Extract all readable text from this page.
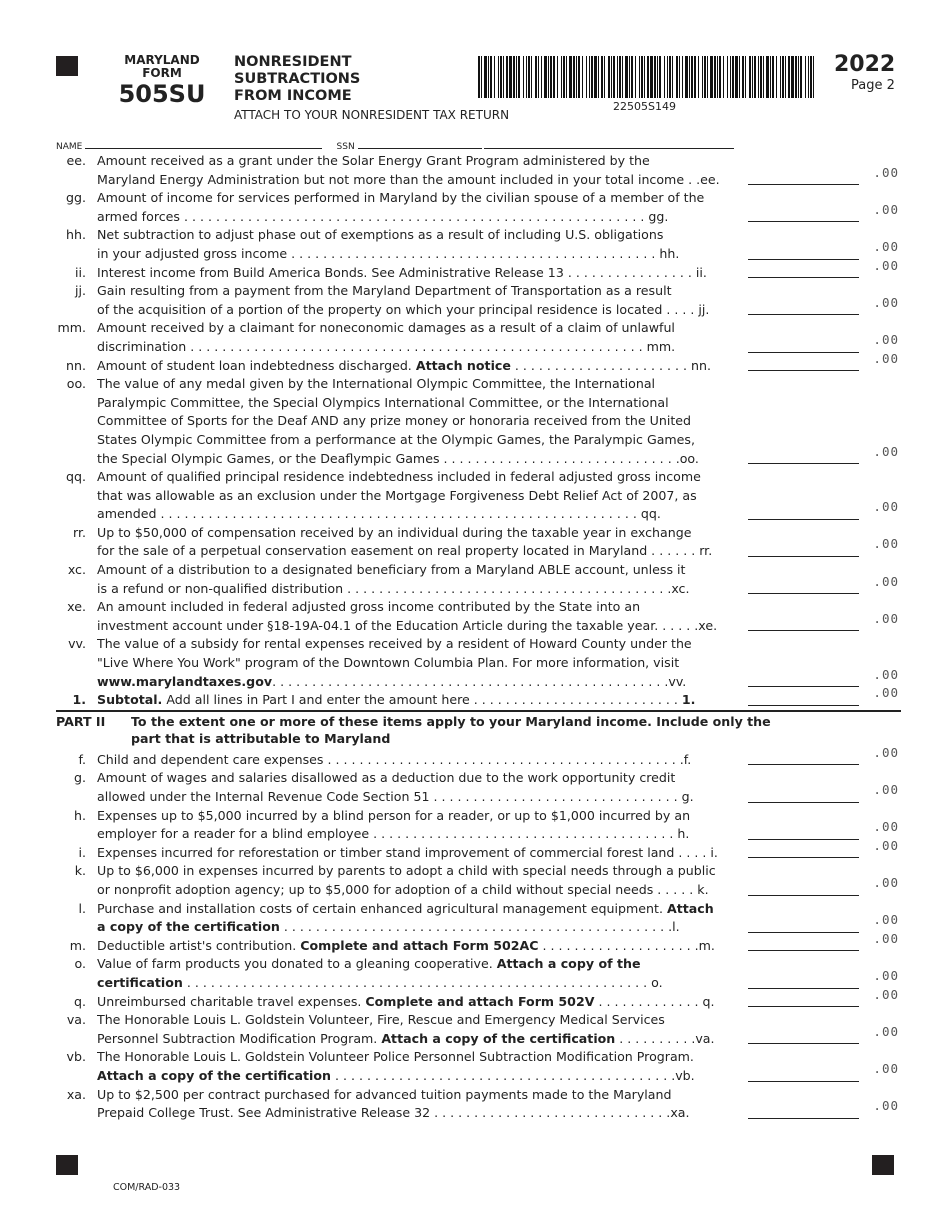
MARYLAND
FORM
505SU
NONRESIDENT
SUBTRACTIONS
FROM INCOME
ATTACH TO YOUR NONRESIDENT TAX RETURN
22505S149
2022
Page 2
NAME	SSN
ee. Amount received as a grant under the Solar Energy Grant Program administered by the
Maryland Energy Administration but not more than the amount included in your total income . .ee.	.00
gg. Amount of income for services performed in Maryland by the civilian spouse of a member of the
armed forces . . . . . . . . . . . . . . . . . . . . . . . . . . . . . . . . . . . . . . . . . . . . . . . . . . . . . . . . . . gg.	.00
hh. Net subtraction to adjust phase out of exemptions as a result of including U.S. obligations
in your adjusted gross income . . . . . . . . . . . . . . . . . . . . . . . . . . . . . . . . . . . . . . . . . . . . . . hh.	.00
ii. Interest income from Build America Bonds. See Administrative Release 13 . . . . . . . . . . . . . . . . ii.	.00
jj. Gain resulting from a payment from the Maryland Department of Transportation as a result
of the acquisition of a portion of the property on which your principal residence is located . . . . jj.	.00
mm. Amount received by a claimant for noneconomic damages as a result of a claim of unlawful
discrimination . . . . . . . . . . . . . . . . . . . . . . . . . . . . . . . . . . . . . . . . . . . . . . . . . . . . . . . . . mm.	.00
nn. Amount of student loan indebtedness discharged. Attach notice . . . . . . . . . . . . . . . . . . . . . . nn.	.00
oo. The value of any medal given by the International Olympic Committee, the International
Paralympic Committee, the Special Olympics International Committee, or the International
Committee of Sports for the Deaf AND any prize money or honoraria received from the United
States Olympic Committee from a performance at the Olympic Games, the Paralympic Games,
the Special Olympic Games, or the Deaflympic Games . . . . . . . . . . . . . . . . . . . . . . . . . . . . . .oo.	.00
qq. Amount of qualified principal residence indebtedness included in federal adjusted gross income
that was allowable as an exclusion under the Mortgage Forgiveness Debt Relief Act of 2007, as
amended . . . . . . . . . . . . . . . . . . . . . . . . . . . . . . . . . . . . . . . . . . . . . . . . . . . . . . . . . . . . qq.	.00
rr. Up to $50,000 of compensation received by an individual during the taxable year in exchange
for the sale of a perpetual conservation easement on real property located in Maryland . . . . . . rr.	.00
xc. Amount of a distribution to a designated beneficiary from a Maryland ABLE account, unless it
is a refund or non-qualified distribution . . . . . . . . . . . . . . . . . . . . . . . . . . . . . . . . . . . . . . . . .xc.	.00
xe. An amount included in federal adjusted gross income contributed by the State into an
investment account under §18-19A-04.1 of the Education Article during the taxable year. . . . . .xe.	.00
vv. The value of a subsidy for rental expenses received by a resident of Howard County under the
"Live Where You Work" program of the Downtown Columbia Plan. For more information, visit
www.marylandtaxes.gov. . . . . . . . . . . . . . . . . . . . . . . . . . . . . . . . . . . . . . . . . . . . . . . . . .vv.	.00
1. Subtotal. Add all lines in Part I and enter the amount here . . . . . . . . . . . . . . . . . . . . . . . . . . 1.	.00
PART II To the extent one or more of these items apply to your Maryland income. Include only the part that is attributable to Maryland
f. Child and dependent care expenses . . . . . . . . . . . . . . . . . . . . . . . . . . . . . . . . . . . . . . . . . . . . .f.	.00
g. Amount of wages and salaries disallowed as a deduction due to the work opportunity credit
allowed under the Internal Revenue Code Section 51 . . . . . . . . . . . . . . . . . . . . . . . . . . . . . . . g.	.00
h. Expenses up to $5,000 incurred by a blind person for a reader, or up to $1,000 incurred by an
employer for a reader for a blind employee . . . . . . . . . . . . . . . . . . . . . . . . . . . . . . . . . . . . . . h.	.00
i. Expenses incurred for reforestation or timber stand improvement of commercial forest land . . . . i.	.00
k. Up to $6,000 in expenses incurred by parents to adopt a child with special needs through a public
or nonprofit adoption agency; up to $5,000 for adoption of a child without special needs . . . . . k.	.00
l. Purchase and installation costs of certain enhanced agricultural management equipment. Attach
a copy of the certification . . . . . . . . . . . . . . . . . . . . . . . . . . . . . . . . . . . . . . . . . . . . . . . . .l.	.00
m. Deductible artist's contribution. Complete and attach Form 502AC . . . . . . . . . . . . . . . . . . . .m.	.00
o. Value of farm products you donated to a gleaning cooperative. Attach a copy of the
certification . . . . . . . . . . . . . . . . . . . . . . . . . . . . . . . . . . . . . . . . . . . . . . . . . . . . . . . . . . o.	.00
q. Unreimbursed charitable travel expenses. Complete and attach Form 502V . . . . . . . . . . . . . q.	.00
va. The Honorable Louis L. Goldstein Volunteer, Fire, Rescue and Emergency Medical Services
Personnel Subtraction Modification Program. Attach a copy of the certification . . . . . . . . . .va.	.00
vb. The Honorable Louis L. Goldstein Volunteer Police Personnel Subtraction Modification Program.
Attach a copy of the certification . . . . . . . . . . . . . . . . . . . . . . . . . . . . . . . . . . . . . . . . . . .vb.	.00
xa. Up to $2,500 per contract purchased for advanced tuition payments made to the Maryland
Prepaid College Trust. See Administrative Release 32 . . . . . . . . . . . . . . . . . . . . . . . . . . . . . .xa.	.00
COM/RAD-033
